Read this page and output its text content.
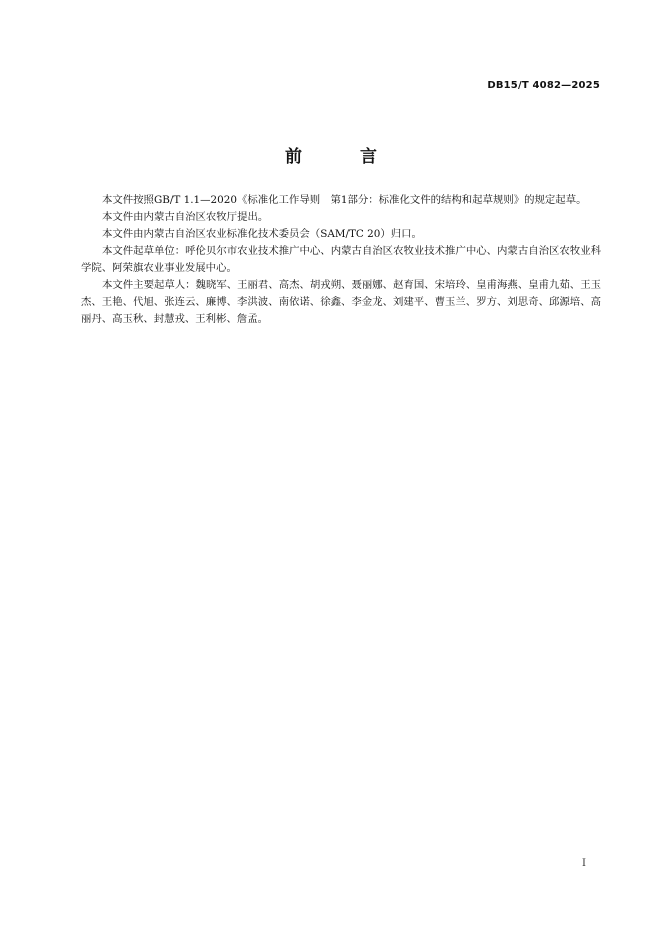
DB15/T 4082—2025
前 言

本文件按照GB/T 1.1—2020《标准化工作导则　第1部分：标准化文件的结构和起草规则》的规定起草。

本文件由内蒙古自治区农牧厅提出。

本文件由内蒙古自治区农业标准化技术委员会（SAM/TC 20）归口。

本文件起草单位：呼伦贝尔市农业技术推广中心、内蒙古自治区农牧业技术推广中心、内蒙古自治区农牧业科学院、阿荣旗农业事业发展中心。

本文件主要起草人：魏晓军、王丽君、高杰、胡戎朔、聂丽娜、赵育国、宋培玲、皇甫海燕、皇甫九茹、王玉杰、王艳、代旭、张连云、廉博、李洪波、南依诺、徐鑫、李金龙、刘建平、曹玉兰、罗方、刘思奇、邱源培、高丽丹、高玉秋、封慧戎、王利彬、詹孟。

I
